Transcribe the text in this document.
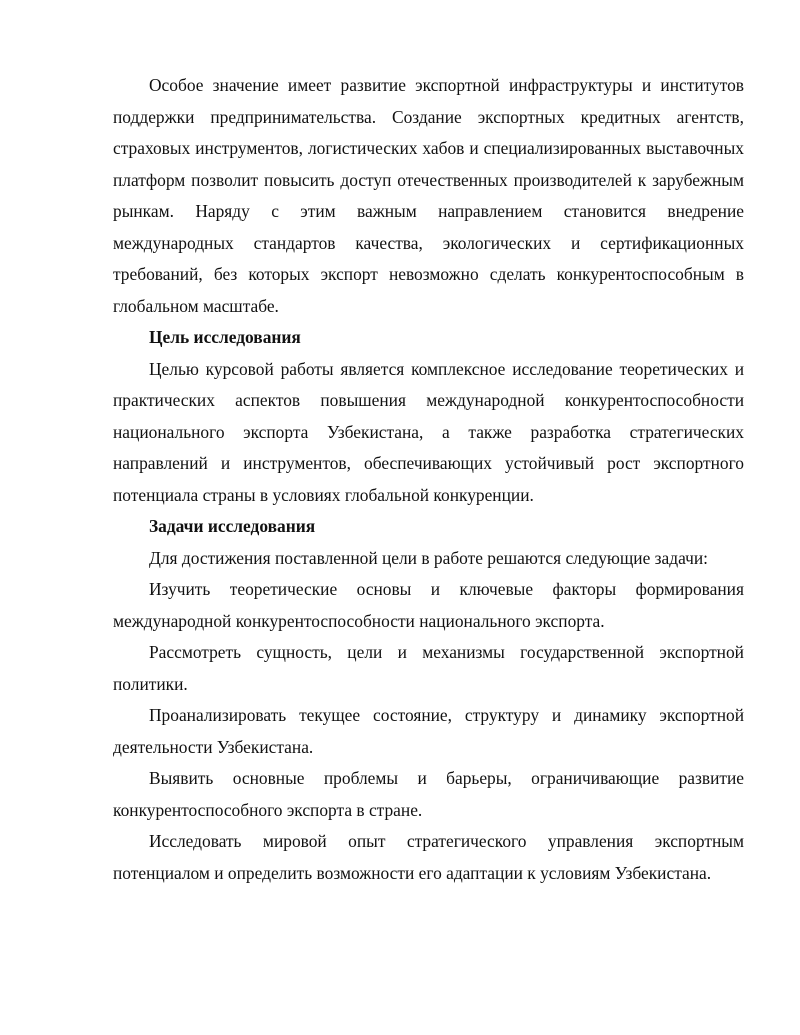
Особое значение имеет развитие экспортной инфраструктуры и институтов поддержки предпринимательства. Создание экспортных кредитных агентств, страховых инструментов, логистических хабов и специализированных выставочных платформ позволит повысить доступ отечественных производителей к зарубежным рынкам. Наряду с этим важным направлением становится внедрение международных стандартов качества, экологических и сертификационных требований, без которых экспорт невозможно сделать конкурентоспособным в глобальном масштабе.

Цель исследования

Целью курсовой работы является комплексное исследование теоретических и практических аспектов повышения международной конкурентоспособности национального экспорта Узбекистана, а также разработка стратегических направлений и инструментов, обеспечивающих устойчивый рост экспортного потенциала страны в условиях глобальной конкуренции.

Задачи исследования

Для достижения поставленной цели в работе решаются следующие задачи:

Изучить теоретические основы и ключевые факторы формирования международной конкурентоспособности национального экспорта.

Рассмотреть сущность, цели и механизмы государственной экспортной политики.

Проанализировать текущее состояние, структуру и динамику экспортной деятельности Узбекистана.

Выявить основные проблемы и барьеры, ограничивающие развитие конкурентоспособного экспорта в стране.

Исследовать мировой опыт стратегического управления экспортным потенциалом и определить возможности его адаптации к условиям Узбекистана.
